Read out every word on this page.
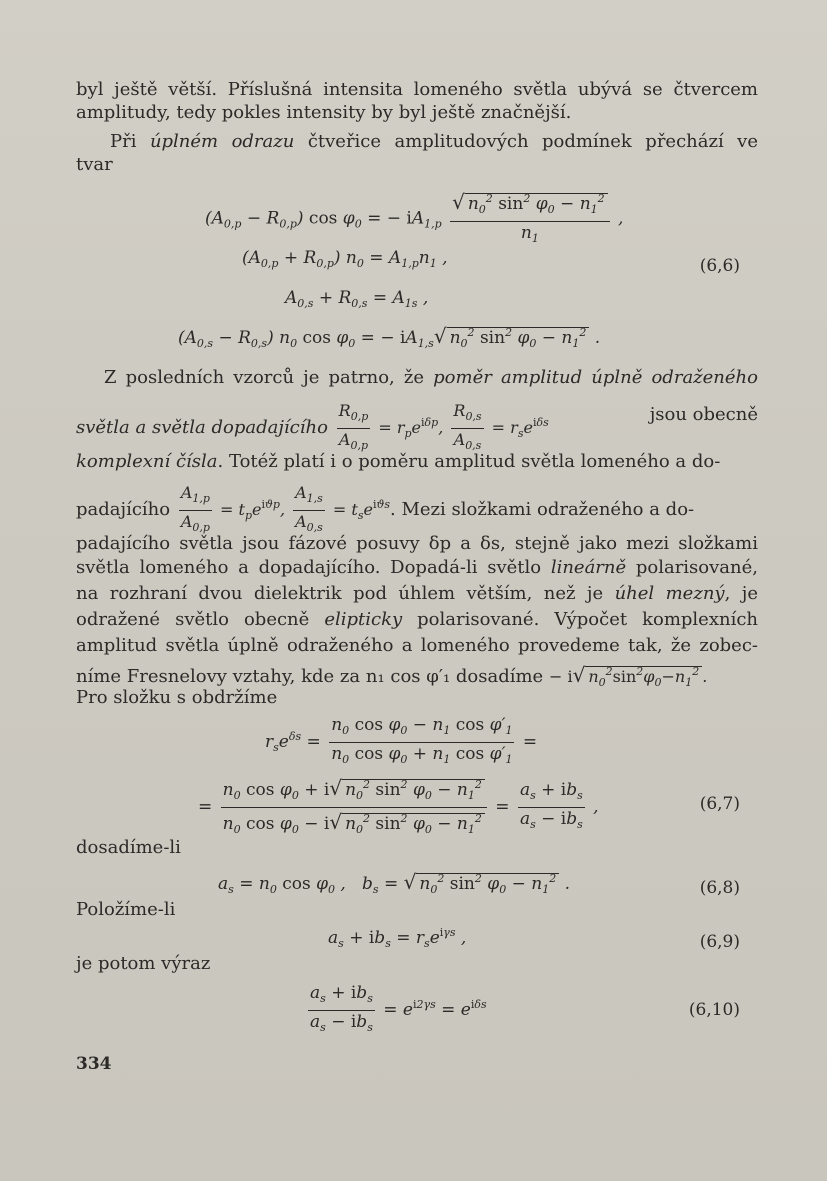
byl ještě větší. Příslušná intensita lomeného světla ubývá se čtvercem
amplitudy, tedy pokles intensity by byl ještě značnější.
Při úplném odrazu čtveřice amplitudových podmínek přechází ve
tvar
$(A_{0,p} - R_{0,p})$ $\cos \varphi_0$ = − $iA_{1,p} \frac{√ n_0^2 \sin^2 \varphi_0 - n_1^2}{n_1}$ ,
$(A_{0,p} + R_{0,p}) n_0 = A_{1,p}n_1$ ,	(6,6)
$A_{0,s} + R_{0,s} = A_{1s}$ ,
$(A_{0,s} - R_{0,s})$ $n_0$ $\cos \varphi_0$ = − $iA_{1,s}√$ $n_0^2$ $\sin^2 \varphi_0 - n_1^2$ .
Z posledních vzorců je patrno, že poměr amplitud úplně odraženého
světla a světla dopadajícího $\frac{R_{0,p}}{A_{0,p}} = r_pe^{i\delta p}$, $\frac{R_{0,s}}{A_{0,s}} = r_se^{i\delta s}$	jsou obecně
komplexní čísla. Totéž platí i o poměru amplitud světla lomeného a do-
padajícího $\frac{A_{1,p}}{A_{0,p}} = t_pe^{iϑp}$, $\frac{A_{1,s}}{A_{0,s}} = t_se^{iϑs}$. Mezi složkami odraženého a do-
padajícího světla jsou fázové posuvy δp a δs, stejně jako mezi složkami
světla lomeného a dopadajícího. Dopadá-li světlo lineárně polarisované,
na rozhraní dvou dielektrik pod úhlem větším, než je úhel mezný, je
odražené světlo obecně elipticky polarisované. Výpočet komplexních
amplitud světla úplně odraženého a lomeného provedeme tak, že zobec-
níme Fresnelovy vztahy, kde za n₁ cos φ′₁ dosadíme − i√ $n_0^2\sin^2\varphi_0-n_1^2$ .
Pro složku s obdržíme
$r_se^{\delta s} = \frac{n_0 \cos \varphi_0 - n_1 \cos \varphi'_1}{n_0 \cos \varphi_0 + n_1 \cos \varphi'_1}$ =
= $\frac{n_0 \cos \varphi_0 + i√ n_0^2 \sin^2 \varphi_0 - n_1^2}{n_0 \cos \varphi_0 - i√ n_0^2 \sin^2 \varphi_0 - n_1^2} = \frac{a_s + ib_s}{a_s - ib_s}$ ,	(6,7)
dosadíme-li
$a_s = n_0$ $\cos \varphi_0$ ,   $b_s$ = √ $n_0^2$ $\sin^2 \varphi_0 - n_1^2$ .	(6,8)
Položíme-li
$a_s + ib_s = r_se^{i\gamma s}$ ,	(6,9)
je potom výraz
$\frac{a_s + ib_s}{a_s - ib_s} = e^{i2\gamma s} = e^{i\delta s}$	(6,10)
334
